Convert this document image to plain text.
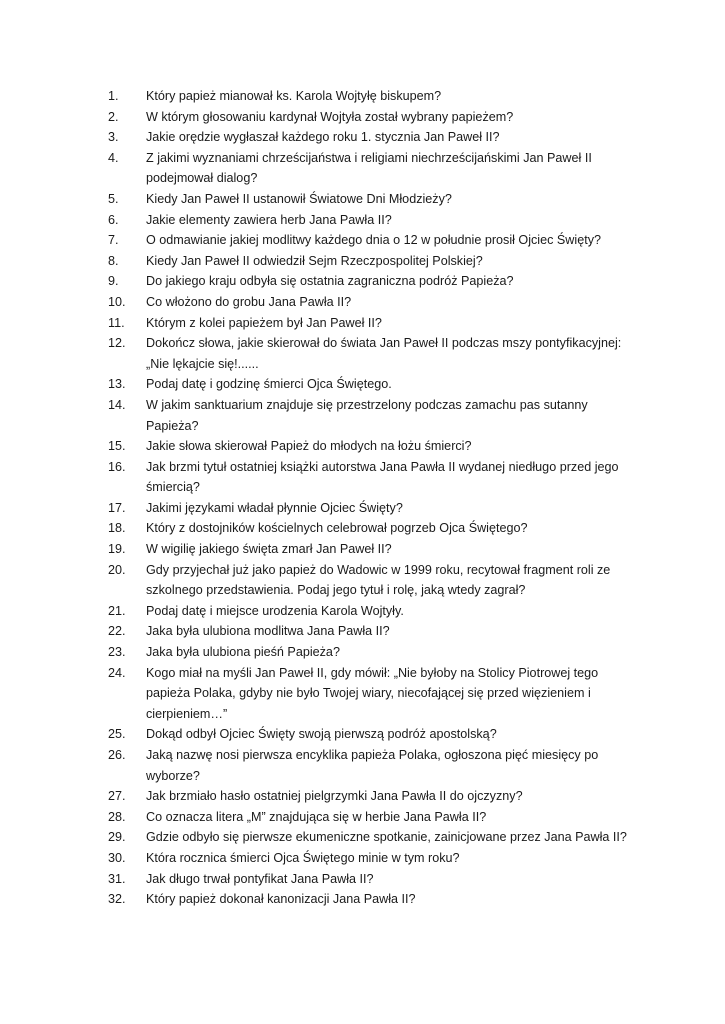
1.	Który papież mianował ks. Karola Wojtyłę biskupem?
2.	W którym głosowaniu kardynał Wojtyła został wybrany papieżem?
3.	Jakie orędzie wygłaszał każdego roku 1. stycznia Jan Paweł II?
4.	Z jakimi wyznaniami chrześcijaństwa i religiami niechrześcijańskimi Jan Paweł II podejmował dialog?
5.	Kiedy Jan Paweł II ustanowił Światowe Dni Młodzieży?
6.	Jakie elementy zawiera herb Jana Pawła II?
7.	O odmawianie jakiej modlitwy każdego dnia o 12 w południe prosił Ojciec Święty?
8.	Kiedy Jan Paweł II odwiedził Sejm Rzeczpospolitej Polskiej?
9.	Do jakiego kraju odbyła się ostatnia zagraniczna podróż Papieża?
10.	Co włożono do grobu Jana Pawła II?
11.	Którym z kolei papieżem był Jan Paweł II?
12.	Dokończ słowa, jakie skierował do świata Jan Paweł II podczas mszy pontyfikacyjnej: „Nie lękajcie się!......
13.	Podaj datę i godzinę śmierci Ojca Świętego.
14.	W jakim sanktuarium znajduje się przestrzelony podczas zamachu pas sutanny Papieża?
15.	Jakie słowa skierował Papież do młodych na łożu śmierci?
16.	Jak brzmi tytuł ostatniej książki autorstwa Jana Pawła II wydanej niedługo przed jego śmiercią?
17.	Jakimi językami władał płynnie Ojciec Święty?
18.	Który z dostojników kościelnych celebrował pogrzeb Ojca Świętego?
19.	W wigilię jakiego święta zmarł Jan Paweł II?
20.	Gdy przyjechał już jako papież do Wadowic w 1999 roku, recytował fragment roli ze szkolnego przedstawienia. Podaj jego tytuł i rolę, jaką wtedy zagrał?
21.	Podaj datę i miejsce urodzenia Karola Wojtyły.
22.	Jaka była ulubiona modlitwa Jana Pawła II?
23.	Jaka była ulubiona pieśń Papieża?
24.	Kogo miał na myśli Jan Paweł II, gdy mówił: „Nie byłoby na Stolicy Piotrowej tego papieża Polaka, gdyby nie było Twojej wiary, niecofającej się przed więzieniem i cierpieniem…”
25.	Dokąd odbył Ojciec Święty swoją pierwszą podróż apostolską?
26.	Jaką nazwę nosi pierwsza encyklika papieża Polaka, ogłoszona pięć miesięcy po wyborze?
27.	Jak brzmiało hasło ostatniej pielgrzymki Jana Pawła II do ojczyzny?
28.	Co oznacza litera „M” znajdująca się w herbie Jana Pawła II?
29.	Gdzie odbyło się pierwsze ekumeniczne spotkanie, zainicjowane przez Jana Pawła II?
30.	Która rocznica śmierci Ojca Świętego minie w tym roku?
31.	Jak długo trwał pontyfikat Jana Pawła II?
32.	Który papież dokonał kanonizacji Jana Pawła II?
